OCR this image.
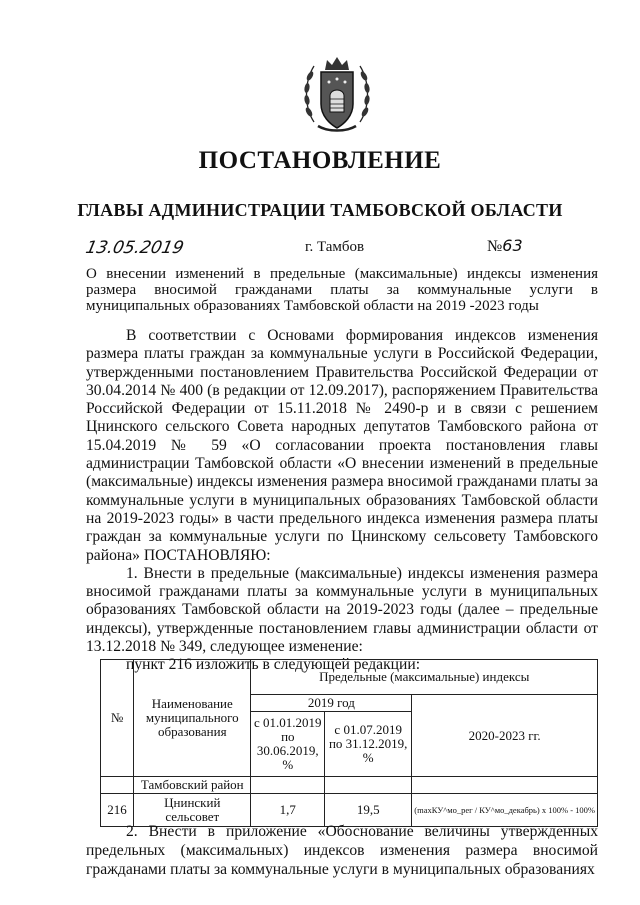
ПОСТАНОВЛЕНИЕ
ГЛАВЫ АДМИНИСТРАЦИИ ТАМБОВСКОЙ ОБЛАСТИ
13.05.2019	г. Тамбов	№63
О внесении изменений в предельные (максимальные) индексы изменения размера вносимой гражданами платы за коммунальные услуги в муниципальных образованиях Тамбовской области на 2019 -2023 годы

В соответствии с Основами формирования индексов изменения размера платы граждан за коммунальные услуги в Российской Федерации, утвержденными постановлением Правительства Российской Федерации от 30.04.2014 № 400 (в редакции от 12.09.2017), распоряжением Правительства Российской Федерации от 15.11.2018 № 2490-р и в связи с решением Цнинского сельского Совета народных депутатов Тамбовского района от 15.04.2019 № 59 «О согласовании проекта постановления главы администрации Тамбовской области «О внесении изменений в предельные (максимальные) индексы изменения размера вносимой гражданами платы за коммунальные услуги в муниципальных образованиях Тамбовской области на 2019-2023 годы» в части предельного индекса изменения размера платы граждан за коммунальные услуги по Цнинскому сельсовету Тамбовского района» ПОСТАНОВЛЯЮ:

1. Внести в предельные (максимальные) индексы изменения размера вносимой гражданами платы за коммунальные услуги в муниципальных образованиях Тамбовской области на 2019-2023 годы (далее – предельные индексы), утвержденные постановлением главы администрации области от 13.12.2018 № 349, следующее изменение:

пункт 216 изложить в следующей редакции:

№	Наименование муниципального образования	Предельные (максимальные) индексы		
		2019 год		2020-2023 гг.
		с 01.01.2019 по 30.06.2019, %	с 01.07.2019 по 31.12.2019, %	
	Тамбовский район			
216	Цнинский сельсовет	1,7	19,5	(maxКУ^мо_рег / КУ^мо_декабрь) x 100% - 100%

2. Внести в приложение «Обоснование величины утвержденных предельных (максимальных) индексов изменения размера вносимой гражданами платы за коммунальные услуги в муниципальных образованиях
